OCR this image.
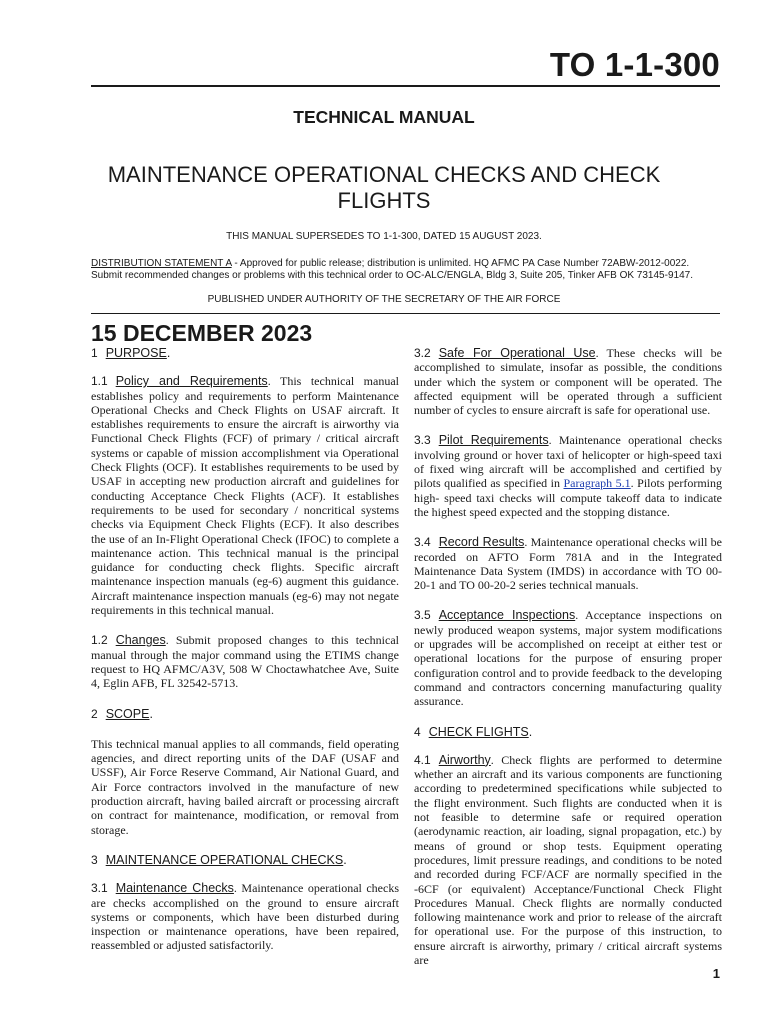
TO 1-1-300
TECHNICAL MANUAL
MAINTENANCE OPERATIONAL CHECKS AND CHECK FLIGHTS
THIS MANUAL SUPERSEDES TO 1-1-300, DATED 15 AUGUST 2023.
DISTRIBUTION STATEMENT A - Approved for public release; distribution is unlimited. HQ AFMC PA Case Number 72ABW-2012-0022. Submit recommended changes or problems with this technical order to OC-ALC/ENGLA, Bldg 3, Suite 205, Tinker AFB OK 73145-9147.
PUBLISHED UNDER AUTHORITY OF THE SECRETARY OF THE AIR FORCE
15 DECEMBER 2023
1 PURPOSE.

1.1 Policy and Requirements. This technical manual establishes policy and requirements to perform Maintenance Operational Checks and Check Flights on USAF aircraft. It establishes requirements to ensure the aircraft is airworthy via Functional Check Flights (FCF) of primary / critical aircraft systems or capable of mission accomplishment via Operational Check Flights (OCF). It establishes requirements to be used by USAF in accepting new production aircraft and guidelines for conducting Acceptance Check Flights (ACF). It establishes requirements to be used for secondary / noncritical systems checks via Equipment Check Flights (ECF). It also describes the use of an In-Flight Operational Check (IFOC) to complete a maintenance action. This technical manual is the principal guidance for conducting check flights. Specific aircraft maintenance inspection manuals (eg-6) augment this guidance. Aircraft maintenance inspection manuals (eg-6) may not negate requirements in this technical manual.

1.2 Changes. Submit proposed changes to this technical manual through the major command using the ETIMS change request to HQ AFMC/A3V, 508 W Choctawhatchee Ave, Suite 4, Eglin AFB, FL 32542-5713.

2 SCOPE.

This technical manual applies to all commands, field operating agencies, and direct reporting units of the DAF (USAF and USSF), Air Force Reserve Command, Air National Guard, and Air Force contractors involved in the manufacture of new production aircraft, having bailed aircraft or processing aircraft on contract for maintenance, modification, or removal from storage.

3 MAINTENANCE OPERATIONAL CHECKS.

3.1 Maintenance Checks. Maintenance operational checks are checks accomplished on the ground to ensure aircraft systems or components, which have been disturbed during inspection or maintenance operations, have been repaired, reassembled or adjusted satisfactorily.

3.2 Safe For Operational Use. These checks will be accomplished to simulate, insofar as possible, the conditions under which the system or component will be operated. The affected equipment will be operated through a sufficient number of cycles to ensure aircraft is safe for operational use.

3.3 Pilot Requirements. Maintenance operational checks involving ground or hover taxi of helicopter or high-speed taxi of fixed wing aircraft will be accomplished and certified by pilots qualified as specified in Paragraph 5.1. Pilots performing high- speed taxi checks will compute takeoff data to indicate the highest speed expected and the stopping distance.

3.4 Record Results. Maintenance operational checks will be recorded on AFTO Form 781A and in the Integrated Maintenance Data System (IMDS) in accordance with TO 00-20-1 and TO 00-20-2 series technical manuals.

3.5 Acceptance Inspections. Acceptance inspections on newly produced weapon systems, major system modifications or upgrades will be accomplished on receipt at either test or operational locations for the purpose of ensuring proper configuration control and to provide feedback to the developing command and contractors concerning manufacturing quality assurance.

4 CHECK FLIGHTS.

4.1 Airworthy. Check flights are performed to determine whether an aircraft and its various components are functioning according to predetermined specifications while subjected to the flight environment. Such flights are conducted when it is not feasible to determine safe or required operation (aerodynamic reaction, air loading, signal propagation, etc.) by means of ground or shop tests. Equipment operating procedures, limit pressure readings, and conditions to be noted and recorded during FCF/ACF are normally specified in the -6CF (or equivalent) Acceptance/Functional Check Flight Procedures Manual. Check flights are normally conducted following maintenance work and prior to release of the aircraft for operational use. For the purpose of this instruction, to ensure aircraft is airworthy, primary / critical aircraft systems are

1
